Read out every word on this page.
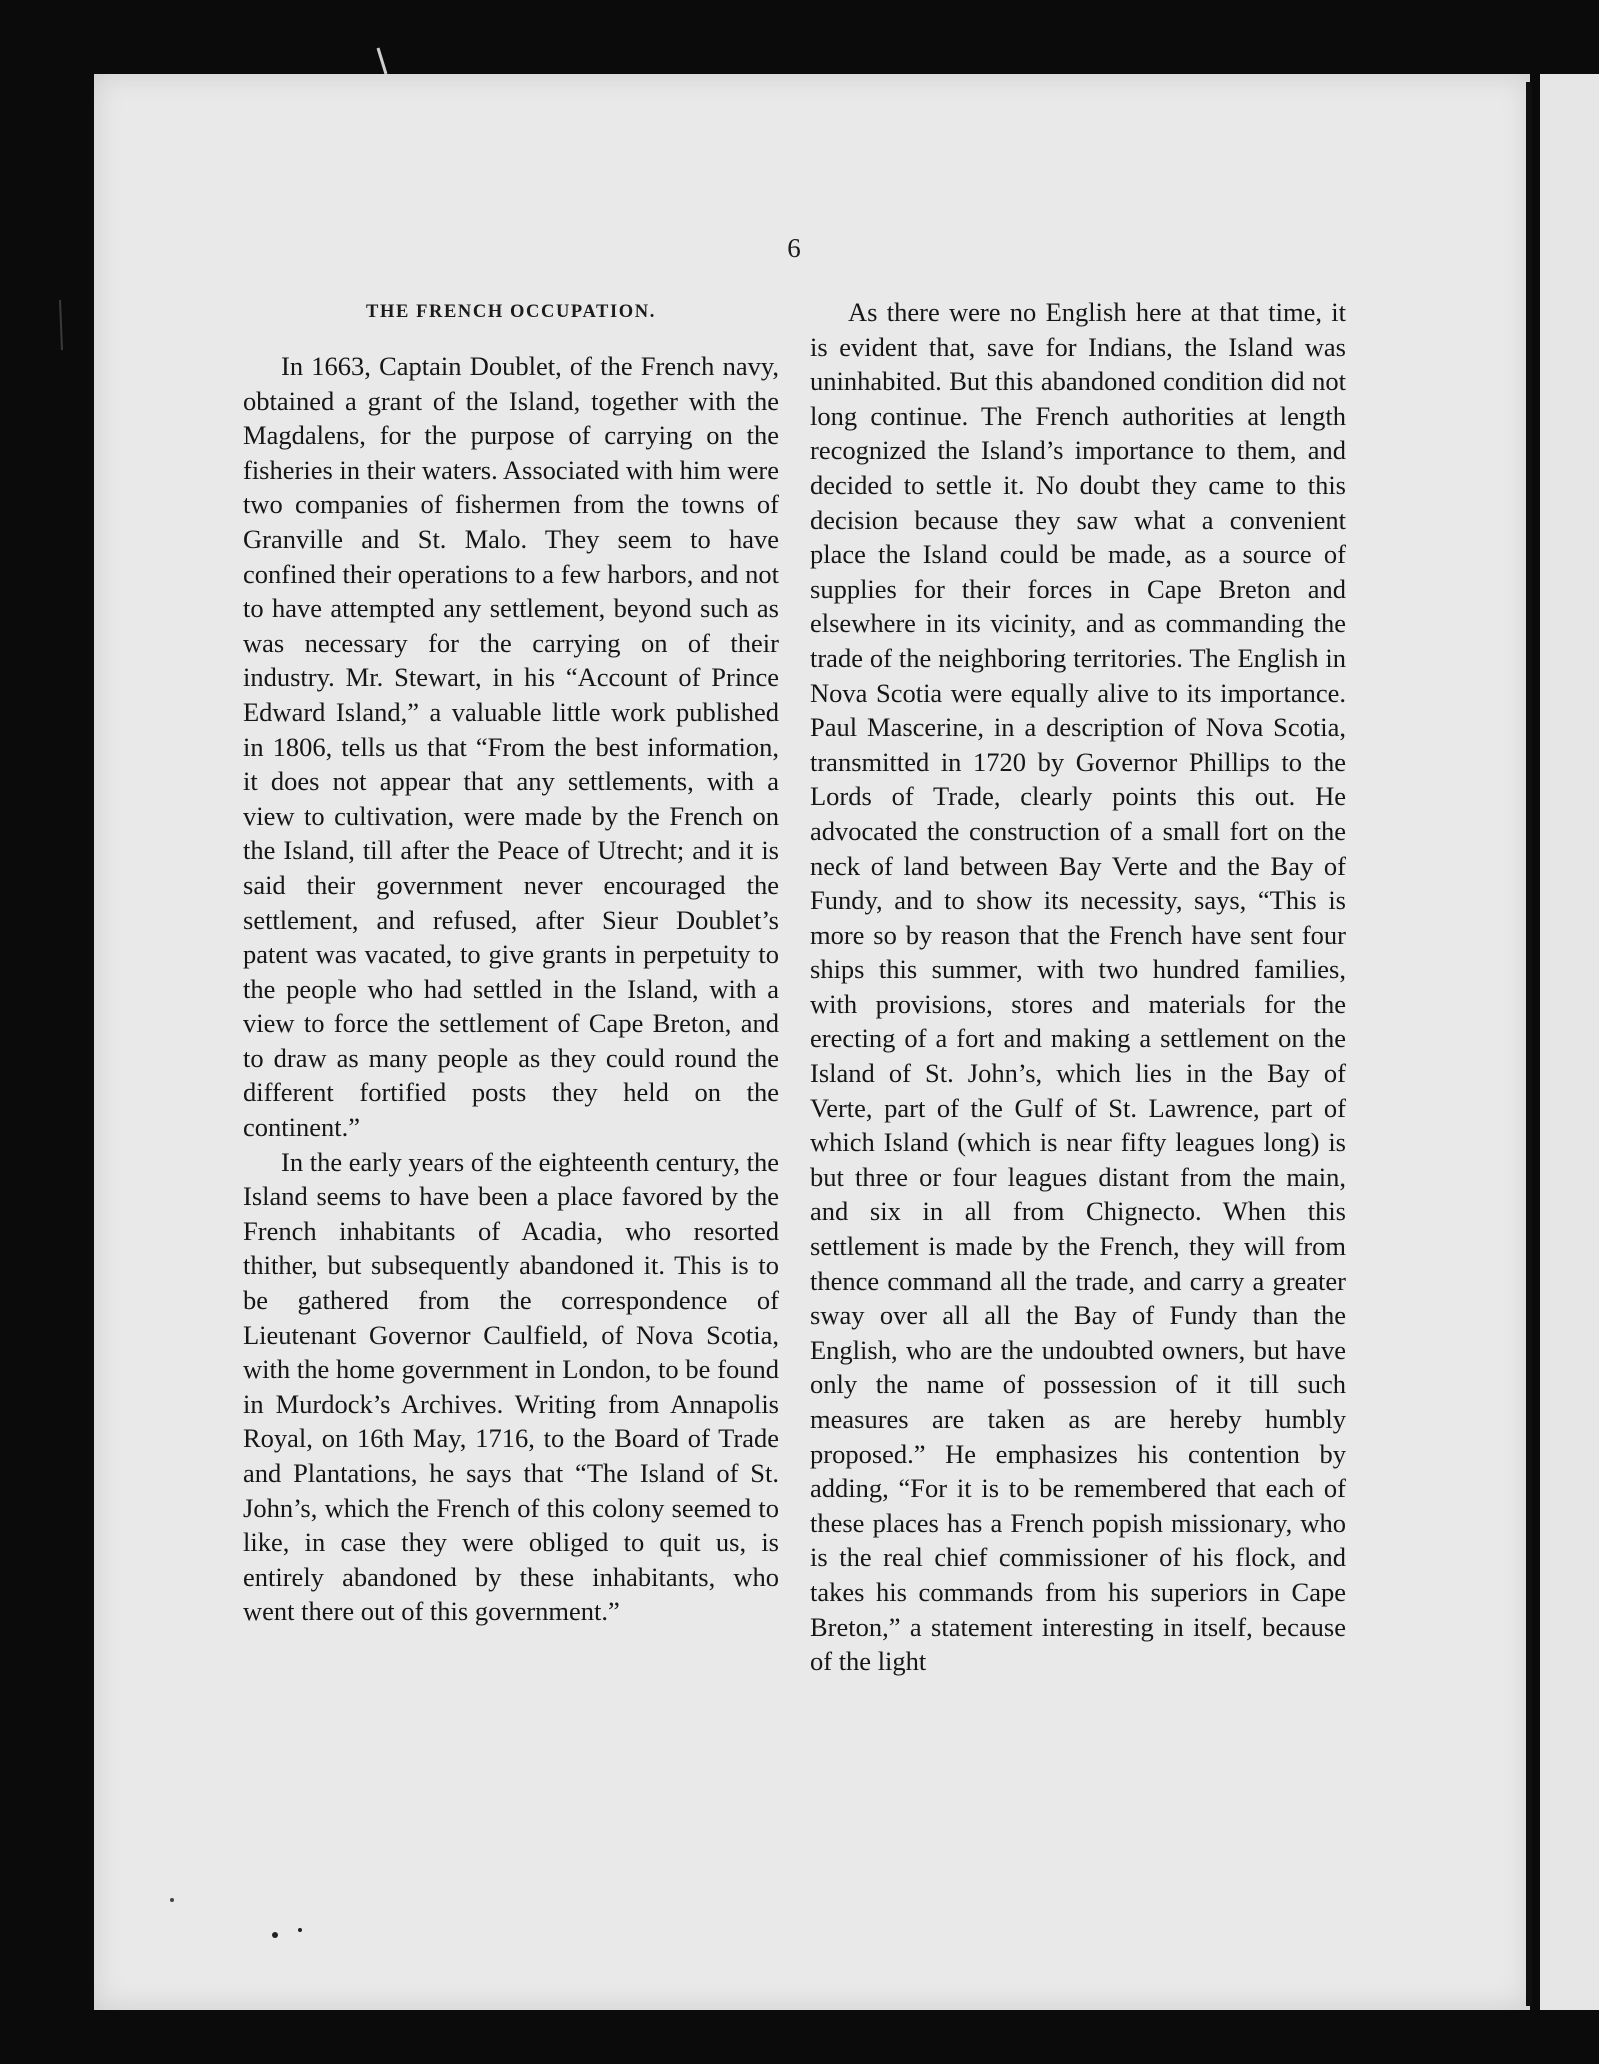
6
THE FRENCH OCCUPATION.

In 1663, Captain Doublet, of the French navy, obtained a grant of the Island, together with the Magdalens, for the purpose of carrying on the fisheries in their waters. Associated with him were two companies of fishermen from the towns of Granville and St. Malo. They seem to have confined their operations to a few harbors, and not to have attempted any settlement, beyond such as was necessary for the carrying on of their industry. Mr. Stewart, in his “Account of Prince Edward Island,” a valuable little work published in 1806, tells us that “From the best information, it does not appear that any settlements, with a view to cultivation, were made by the French on the Island, till after the Peace of Utrecht; and it is said their government never encouraged the settlement, and refused, after Sieur Doublet’s patent was vacated, to give grants in perpetuity to the people who had settled in the Island, with a view to force the settlement of Cape Breton, and to draw as many people as they could round the different fortified posts they held on the continent.”

In the early years of the eighteenth century, the Island seems to have been a place favored by the French inhabitants of Acadia, who resorted thither, but subsequently abandoned it. This is to be gathered from the correspondence of Lieutenant Governor Caulfield, of Nova Scotia, with the home government in London, to be found in Murdock’s Archives. Writing from Annapolis Royal, on 16th May, 1716, to the Board of Trade and Plantations, he says that “The Island of St. John’s, which the French of this colony seemed to like, in case they were obliged to quit us, is entirely abandoned by these inhabitants, who went there out of this government.”

As there were no English here at that time, it is evident that, save for Indians, the Island was uninhabited. But this abandoned condition did not long continue. The French authorities at length recognized the Island’s importance to them, and decided to settle it. No doubt they came to this decision because they saw what a convenient place the Island could be made, as a source of supplies for their forces in Cape Breton and elsewhere in its vicinity, and as commanding the trade of the neighboring territories. The English in Nova Scotia were equally alive to its importance. Paul Mascerine, in a description of Nova Scotia, transmitted in 1720 by Governor Phillips to the Lords of Trade, clearly points this out. He advocated the construction of a small fort on the neck of land between Bay Verte and the Bay of Fundy, and to show its necessity, says, “This is more so by reason that the French have sent four ships this summer, with two hundred families, with provisions, stores and materials for the erecting of a fort and making a settlement on the Island of St. John’s, which lies in the Bay of Verte, part of the Gulf of St. Lawrence, part of which Island (which is near fifty leagues long) is but three or four leagues distant from the main, and six in all from Chignecto. When this settlement is made by the French, they will from thence command all the trade, and carry a greater sway over all all the Bay of Fundy than the English, who are the undoubted owners, but have only the name of possession of it till such measures are taken as are hereby humbly proposed.” He emphasizes his contention by adding, “For it is to be remembered that each of these places has a French popish missionary, who is the real chief commissioner of his flock, and takes his commands from his superiors in Cape Breton,” a statement interesting in itself, because of the light
